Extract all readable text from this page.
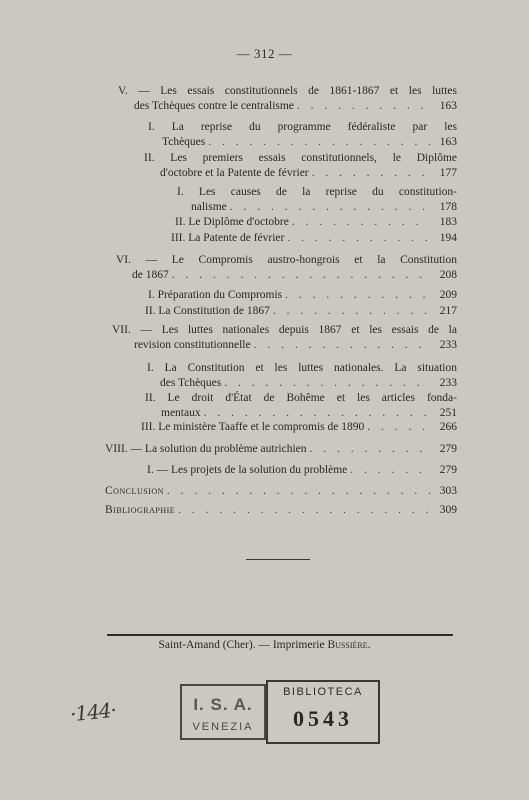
— 312 —
V. — Les essais constitutionnels de 1861-1867 et les luttes
des Tchèques contre le centralisme . . .	163
I. La reprise du programme fédéraliste par les
Tchèques . . .	163
II. Les premiers essais constitutionnels, le Diplôme
d'octobre et la Patente de février . . .	177
I. Les causes de la reprise du constitution-
nalisme . . .	178
II. Le Diplôme d'octobre . . .	183
III. La Patente de février . . .	194
VI. — Le Compromis austro-hongrois et la Constitution
de 1867 . . .	208
I. Préparation du Compromis . . .	209
II. La Constitution de 1867 . . .	217
VII. — Les luttes nationales depuis 1867 et les essais de la
revision constitutionnelle . . .	233
I. La Constitution et les luttes nationales. La situation
des Tchèques . . .	233
II. Le droit d'État de Bohême et les articles fonda-
mentaux . . .	251
III. Le ministère Taaffe et le compromis de 1890 . . .	266
VIII. — La solution du problème autrichien . . .	279
I. — Les projets de la solution du problème . . .	279
Conclusion . . .	303
Bibliographie . . .	309
Saint-Amand (Cher). — Imprimerie Bussière.
·144·	I. S. A.
VENEZIA
BIBLIOTECA
0543
